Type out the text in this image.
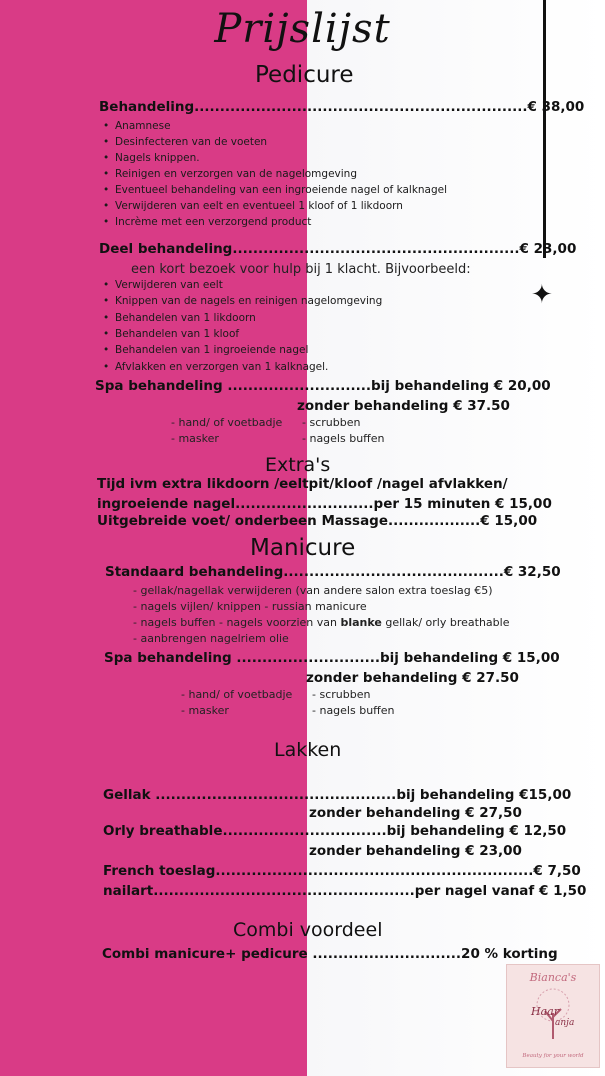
Prijslijst
✦
Pedicure
Behandeling.................................................................€ 38,00
• Anamnese
• Desinfecteren van de voeten
• Nagels knippen.
• Reinigen en verzorgen van de nagelomgeving
• Eventueel behandeling van een ingroeiende nagel of kalknagel
• Verwijderen van eelt en eventueel 1 kloof of 1 likdoorn
• Incrème met een verzorgend product
Deel behandeling........................................................€ 23,00
een kort bezoek voor hulp bij 1 klacht. Bijvoorbeeld:
• Verwijderen van eelt
• Knippen van de nagels en reinigen nagelomgeving
• Behandelen van 1 likdoorn
• Behandelen van 1 kloof
• Behandelen van 1 ingroeiende nagel
• Afvlakken en verzorgen van 1 kalknagel.
Spa behandeling ............................bij behandeling € 20,00
zonder behandeling € 37.50
- hand/ of voetbadje - scrubben
- masker	- nagels buffen
Extra's
Tijd ivm extra likdoorn /eeltpit/kloof /nagel afvlakken/
ingroeiende nagel...........................per 15 minuten € 15,00
Uitgebreide voet/ onderbeen Massage..................€ 15,00
Manicure
Standaard behandeling...........................................€ 32,50
- gellak/nagellak verwijderen (van andere salon extra toeslag €5)
- nagels vijlen/ knippen - russian manicure
- nagels buffen - nagels voorzien van blanke gellak/ orly breathable
- aanbrengen nagelriem olie
Spa behandeling ............................bij behandeling € 15,00
zonder behandeling € 27.50
- hand/ of voetbadje - scrubben
- masker	- nagels buffen
Lakken
Gellak ...............................................bij behandeling €15,00
zonder behandeling € 27,50
Orly breathable................................bij behandeling € 12,50
zonder behandeling € 23,00
French toeslag..............................................................€ 7,50
nailart...................................................per nagel vanaf € 1,50
Combi voordeel
Combi manicure+ pedicure .............................20 % korting
Bianca's
Haar
anja
Beauty for your world
